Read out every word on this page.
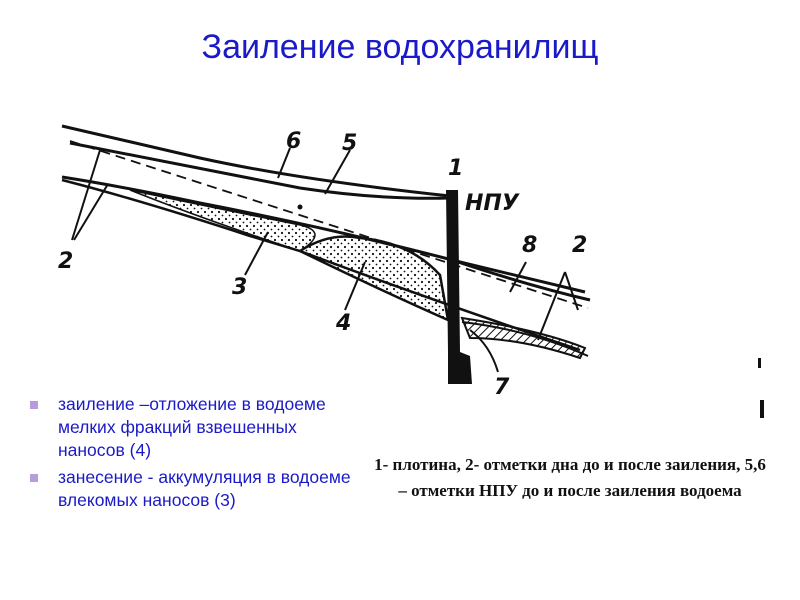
Заиление водохранилищ
6 5
1
НПУ
8 2
2
3
4
7
заиление –отложение в водоеме мелких фракций взвешенных наносов (4)
занесение - аккумуляция в водоеме влекомых наносов (3)
1- плотина, 2- отметки дна до и после заиления, 5,6 – отметки НПУ до и после заиления водоема
